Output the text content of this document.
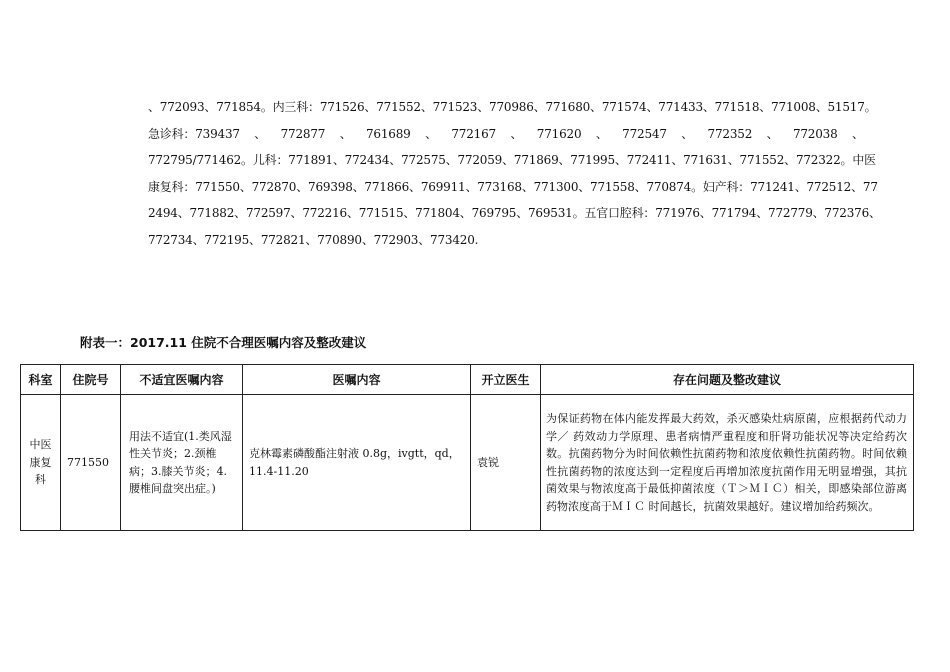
、772093、771854。内三科：771526、771552、771523、770986、771680、771574、771433、771518、771008、51517。
急诊科：739437 、 772877 、 761689 、 772167 、 771620 、 772547 、 772352 、 772038 、
772795/771462。儿科：771891、772434、772575、772059、771869、771995、772411、771631、771552、772322。中医
康复科：771550、772870、769398、771866、769911、773168、771300、771558、770874。妇产科：771241、772512、77
2494、771882、772597、772216、771515、771804、769795、769531。五官口腔科：771976、771794、772779、772376、
772734、772195、772821、770890、772903、773420.
附表一：2017.11 住院不合理医嘱内容及整改建议
科室	住院号	不适宜医嘱内容	医嘱内容	开立医生	存在问题及整改建议
中医康复科	771550	用法不适宜(1.类风湿性关节炎；2.颈椎病；3.膝关节炎；4.腰椎间盘突出症。)	克林霉素磷酸酯注射液 0.8g，ivgtt，qd，11.4-11.20	袁锐	为保证药物在体内能发挥最大药效，杀灭感染灶病原菌，应根据药代动力学／ 药效动力学原理、患者病情严重程度和肝肾功能状况等决定给药次数。抗菌药物分为时间依赖性抗菌药物和浓度依赖性抗菌药物。时间依赖性抗菌药物的浓度达到一定程度后再增加浓度抗菌作用无明显增强，其抗菌效果与物浓度高于最低抑菌浓度（Ｔ＞ＭＩＣ）相关，即感染部位游离药物浓度高于ＭＩＣ 时间越长，抗菌效果越好。建议增加给药频次。
